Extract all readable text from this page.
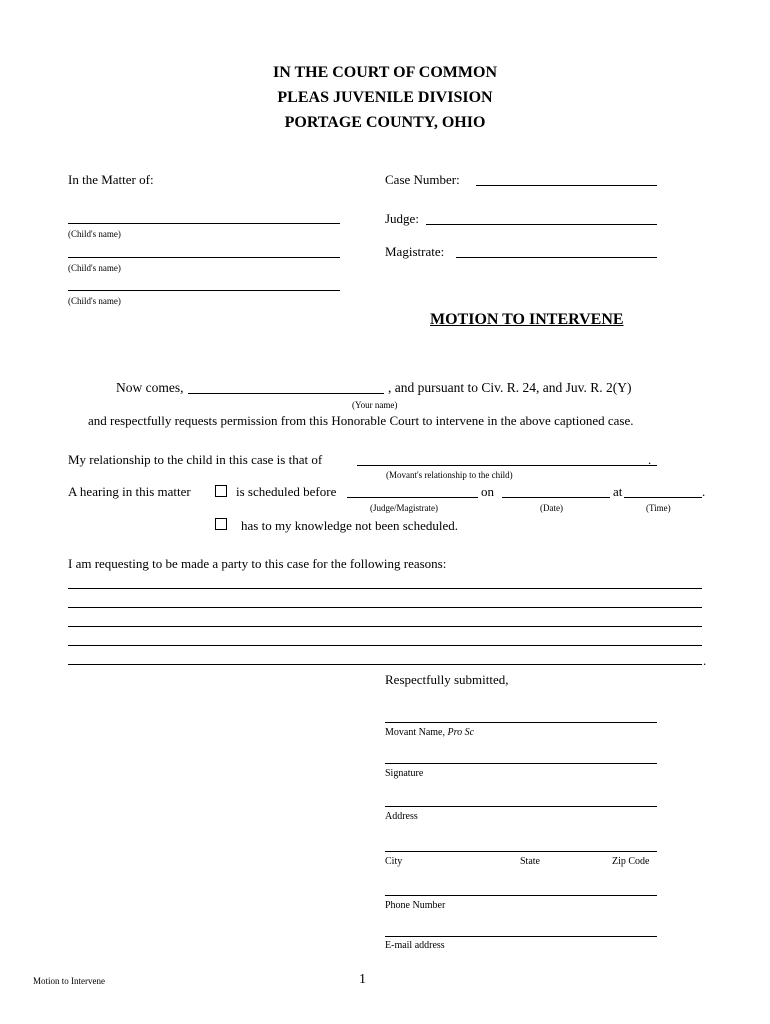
IN THE COURT OF COMMON
PLEAS JUVENILE DIVISION
PORTAGE COUNTY, OHIO
In the Matter of:
(Child's name)
(Child's name)
(Child's name)
Case Number:
Judge:
Magistrate:
MOTION TO INTERVENE
Now comes,	, and pursuant to Civ. R. 24, and Juv. R. 2(Y)
(Your name)
and respectfully requests permission from this Honorable Court to intervene in the above captioned case.
My relationship to the child in this case is that of	.
(Movant's relationship to the child)
A hearing in this matter	is scheduled before	on	at	.
(Judge/Magistrate)	(Date)	(Time)
has to my knowledge not been scheduled.
I am requesting to be made a party to this case for the following reasons:
.
Respectfully submitted,
Movant Name, Pro Sc
Signature
Address
City	State	Zip Code
Phone Number
E-mail address
Motion to Intervene	1
